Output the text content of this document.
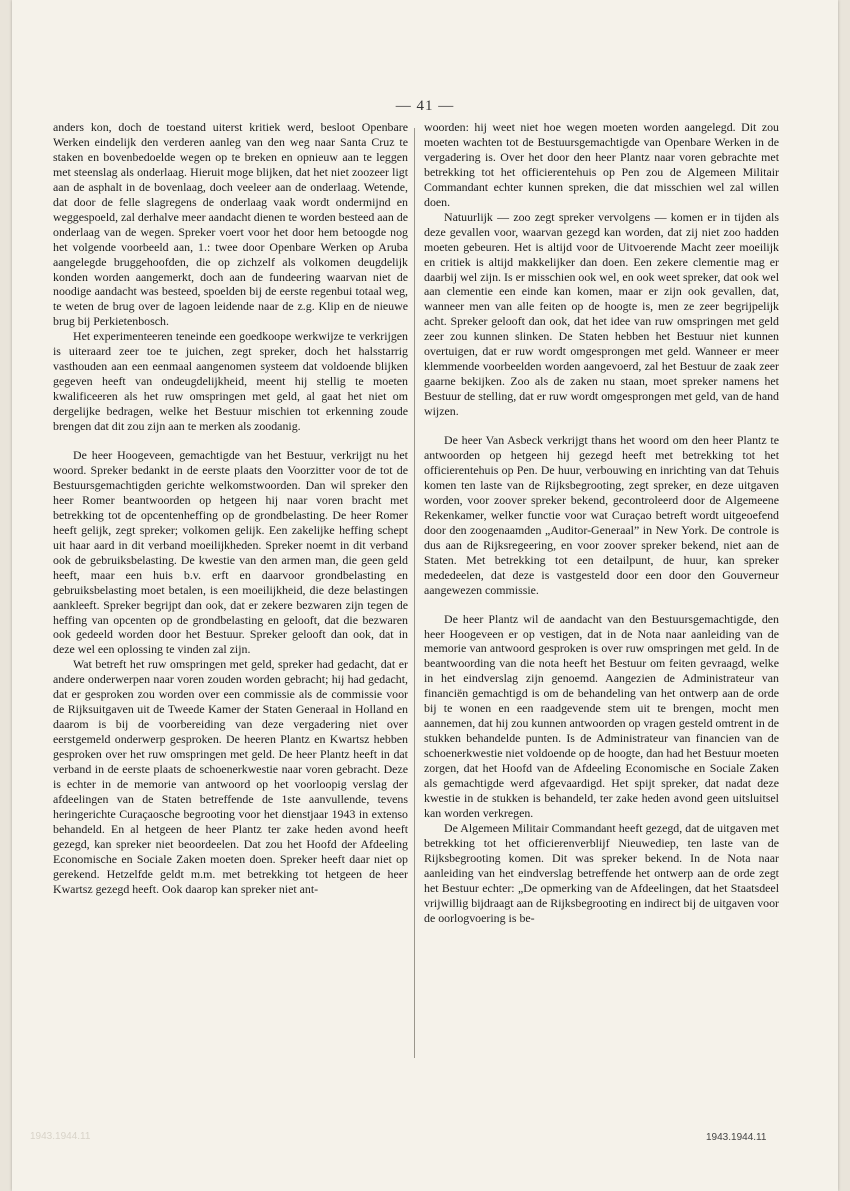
— 41 —

anders kon, doch de toestand uiterst kritiek werd, besloot Openbare Werken eindelijk den verderen aanleg van den weg naar Santa Cruz te staken en bovenbedoelde wegen op te breken en opnieuw aan te leggen met steenslag als onderlaag. Hieruit moge blijken, dat het niet zoozeer ligt aan de asphalt in de bovenlaag, doch veeleer aan de onderlaag. Wetende, dat door de felle slagregens de onderlaag vaak wordt ondermijnd en weggespoeld, zal derhalve meer aandacht dienen te worden besteed aan de onderlaag van de wegen. Spreker voert voor het door hem betoogde nog het volgende voorbeeld aan, 1.: twee door Openbare Werken op Aruba aangelegde bruggehoofden, die op zichzelf als volkomen deugdelijk konden worden aangemerkt, doch aan de fundeering waarvan niet de noodige aandacht was besteed, spoelden bij de eerste regenbui totaal weg, te weten de brug over de lagoen leidende naar de z.g. Klip en de nieuwe brug bij Perkietenbosch.

Het experimenteeren teneinde een goedkoope werkwijze te verkrijgen is uiteraard zeer toe te juichen, zegt spreker, doch het halsstarrig vasthouden aan een eenmaal aangenomen systeem dat voldoende blijken gegeven heeft van ondeugdelijkheid, meent hij stellig te moeten kwalificeeren als het ruw omspringen met geld, al gaat het niet om dergelijke bedragen, welke het Bestuur mischien tot erkenning zoude brengen dat dit zou zijn aan te merken als zoodanig.

De heer Hoogeveen, gemachtigde van het Bestuur, verkrijgt nu het woord. Spreker bedankt in de eerste plaats den Voorzitter voor de tot de Bestuursgemachtigden gerichte welkomstwoorden. Dan wil spreker den heer Romer beantwoorden op hetgeen hij naar voren bracht met betrekking tot de opcentenheffing op de grondbelasting. De heer Romer heeft gelijk, zegt spreker; volkomen gelijk. Een zakelijke heffing schept uit haar aard in dit verband moeilijkheden. Spreker noemt in dit verband ook de gebruiksbelasting. De kwestie van den armen man, die geen geld heeft, maar een huis b.v. erft en daarvoor grondbelasting en gebruiksbelasting moet betalen, is een moeilijkheid, die deze belastingen aankleeft. Spreker begrijpt dan ook, dat er zekere bezwaren zijn tegen de heffing van opcenten op de grondbelasting en gelooft, dat die bezwaren ook gedeeld worden door het Bestuur. Spreker gelooft dan ook, dat in deze wel een oplossing te vinden zal zijn.

Wat betreft het ruw omspringen met geld, spreker had gedacht, dat er andere onderwerpen naar voren zouden worden gebracht; hij had gedacht, dat er gesproken zou worden over een commissie als de commissie voor de Rijksuitgaven uit de Tweede Kamer der Staten Generaal in Holland en daarom is bij de voorbereiding van deze vergadering niet over eerstgemeld onderwerp gesproken. De heeren Plantz en Kwartsz hebben gesproken over het ruw omspringen met geld. De heer Plantz heeft in dat verband in de eerste plaats de schoenerkwestie naar voren gebracht. Deze is echter in de memorie van antwoord op het voorloopig verslag der afdeelingen van de Staten betreffende de 1ste aanvullende, tevens heringerichte Curaçaosche begrooting voor het dienstjaar 1943 in extenso behandeld. En al hetgeen de heer Plantz ter zake heden avond heeft gezegd, kan spreker niet beoordeelen. Dat zou het Hoofd der Afdeeling Economische en Sociale Zaken moeten doen. Spreker heeft daar niet op gerekend. Hetzelfde geldt m.m. met betrekking tot hetgeen de heer Kwartsz gezegd heeft. Ook daarop kan spreker niet ant-

woorden: hij weet niet hoe wegen moeten worden aangelegd. Dit zou moeten wachten tot de Bestuursgemachtigde van Openbare Werken in de vergadering is. Over het door den heer Plantz naar voren gebrachte met betrekking tot het officierentehuis op Pen zou de Algemeen Militair Commandant echter kunnen spreken, die dat misschien wel zal willen doen.

Natuurlijk — zoo zegt spreker vervolgens — komen er in tijden als deze gevallen voor, waarvan gezegd kan worden, dat zij niet zoo hadden moeten gebeuren. Het is altijd voor de Uitvoerende Macht zeer moeilijk en critiek is altijd makkelijker dan doen. Een zekere clementie mag er daarbij wel zijn. Is er misschien ook wel, en ook weet spreker, dat ook wel aan clementie een einde kan komen, maar er zijn ook gevallen, dat, wanneer men van alle feiten op de hoogte is, men ze zeer begrijpelijk acht. Spreker gelooft dan ook, dat het idee van ruw omspringen met geld zeer zou kunnen slinken. De Staten hebben het Bestuur niet kunnen overtuigen, dat er ruw wordt omgesprongen met geld. Wanneer er meer klemmende voorbeelden worden aangevoerd, zal het Bestuur de zaak zeer gaarne bekijken. Zoo als de zaken nu staan, moet spreker namens het Bestuur de stelling, dat er ruw wordt omgesprongen met geld, van de hand wijzen.

De heer Van Asbeck verkrijgt thans het woord om den heer Plantz te antwoorden op hetgeen hij gezegd heeft met betrekking tot het officierentehuis op Pen. De huur, verbouwing en inrichting van dat Tehuis komen ten laste van de Rijksbegrooting, zegt spreker, en deze uitgaven worden, voor zoover spreker bekend, gecontroleerd door de Algemeene Rekenkamer, welker functie voor wat Curaçao betreft wordt uitgeoefend door den zoogenaamden „Auditor-Generaal” in New York. De controle is dus aan de Rijksregeering, en voor zoover spreker bekend, niet aan de Staten. Met betrekking tot een detailpunt, de huur, kan spreker mededeelen, dat deze is vastgesteld door een door den Gouverneur aangewezen commissie.

De heer Plantz wil de aandacht van den Bestuursgemachtigde, den heer Hoogeveen er op vestigen, dat in de Nota naar aanleiding van de memorie van antwoord gesproken is over ruw omspringen met geld. In de beantwoording van die nota heeft het Bestuur om feiten gevraagd, welke in het eindverslag zijn genoemd. Aangezien de Administrateur van financiën gemachtigd is om de behandeling van het ontwerp aan de orde bij te wonen en een raadgevende stem uit te brengen, mocht men aannemen, dat hij zou kunnen antwoorden op vragen gesteld omtrent in de stukken behandelde punten. Is de Administrateur van financien van de schoenerkwestie niet voldoende op de hoogte, dan had het Bestuur moeten zorgen, dat het Hoofd van de Afdeeling Economische en Sociale Zaken als gemachtigde werd afgevaardigd. Het spijt spreker, dat nadat deze kwestie in de stukken is behandeld, ter zake heden avond geen uitsluitsel kan worden verkregen.

De Algemeen Militair Commandant heeft gezegd, dat de uitgaven met betrekking tot het officierenverblijf Nieuwediep, ten laste van de Rijksbegrooting komen. Dit was spreker bekend. In de Nota naar aanleiding van het eindverslag betreffende het ontwerp aan de orde zegt het Bestuur echter: „De opmerking van de Afdeelingen, dat het Staatsdeel vrijwillig bijdraagt aan de Rijksbegrooting en indirect bij de uitgaven voor de oorlogvoering is be-

1943.1944.11	1943.1944.11
